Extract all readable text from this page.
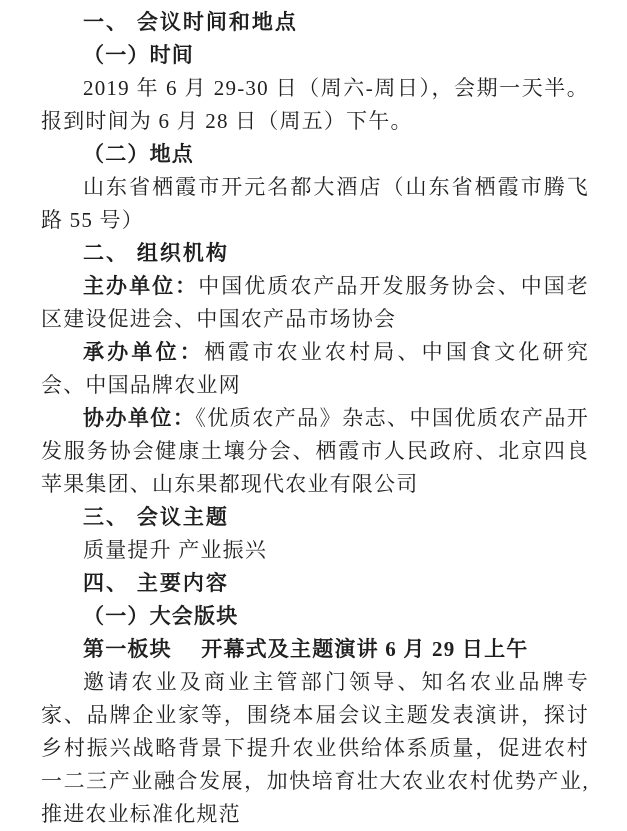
一、 会议时间和地点
（一）时间

2019 年 6 月 29-30 日（周六-周日），会期一天半。报到时间为 6 月 28 日（周五）下午。

（二）地点

山东省栖霞市开元名都大酒店（山东省栖霞市腾飞路 55 号）

二、 组织机构

主办单位：中国优质农产品开发服务协会、中国老区建设促进会、中国农产品市场协会

承办单位：栖霞市农业农村局、中国食文化研究会、中国品牌农业网

协办单位：《优质农产品》杂志、中国优质农产品开发服务协会健康土壤分会、栖霞市人民政府、北京四良苹果集团、山东果都现代农业有限公司

三、 会议主题

质量提升 产业振兴

四、 主要内容
（一）大会版块

第一板块 开幕式及主题演讲 6 月 29 日上午

邀请农业及商业主管部门领导、知名农业品牌专家、品牌企业家等，围绕本届会议主题发表演讲，探讨乡村振兴战略背景下提升农业供给体系质量，促进农村一二三产业融合发展，加快培育壮大农业农村优势产业,推进农业标准化规范
